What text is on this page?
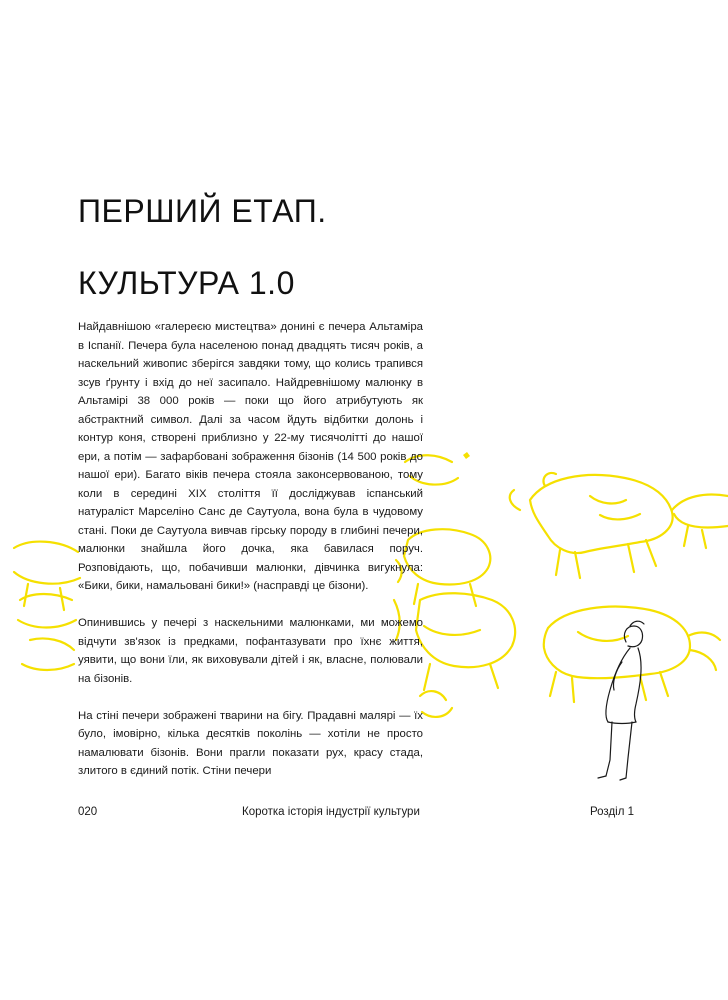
ПЕРШИЙ ЕТАП.
КУЛЬТУРА 1.0

Найдавнішою «галереєю мистецтва» донині є печера Альтаміра в Іспанії. Печера була населеною понад двадцять тисяч років, а наскельний живопис зберігся завдяки тому, що колись трапився зсув ґрунту і вхід до неї засипало. Найдревнішому малюнку в Альтамірі 38 000 років — поки що його атрибутують як абстрактний символ. Далі за часом йдуть відбитки долонь і контур коня, створені приблизно у 22-му тисячолітті до нашої ери, а потім — зафарбовані зображення бізонів (14 500 років до нашої ери). Багато віків печера стояла законсервованою, тому коли в середині ХІХ століття її досліджував іспанський натураліст Марселіно Санс де Саутуола, вона була в чудовому стані. Поки де Саутуола вивчав гірську породу в глибині печери, малюнки знайшла його дочка, яка бавилася поруч. Розповідають, що, побачивши малюнки, дівчинка вигукнула: «Бики, бики, намальовані бики!» (насправді це бізони).

Опинившись у печері з наскельними малюнками, ми можемо відчути зв'язок із предками, пофантазувати про їхнє життя, уявити, що вони їли, як виховували дітей і як, власне, полювали на бізонів.

На стіні печери зображені тварини на бігу. Прадавні малярі — їх було, імовірно, кілька десятків поколінь — хотіли не просто намалювати бізонів. Вони прагли показати рух, красу стада, злитого в єдиний потік. Стіни печери

020	Коротка історія індустрії культури	Розділ 1
